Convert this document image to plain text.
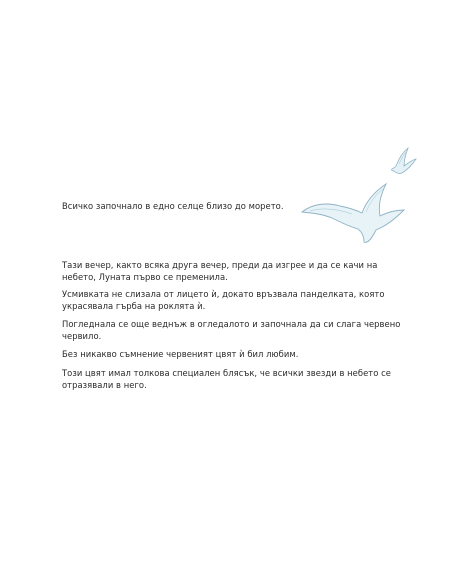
Всичко започнало в едно селце близо до морето.

Тази вечер, както всяка друга вечер, преди да изгрее и да се качи на небето, Луната първо се пременила.

Усмивката не слизала от лицето ѝ, докато връзвала панделката, която украсявала гърба на роклята ѝ.

Погледнала се още веднъж в огледалото и започнала да си слага червено червило.

Без никакво съмнение червеният цвят ѝ бил любим.

Този цвят имал толкова специален блясък, че всички звезди в небето се отразявали в него.
